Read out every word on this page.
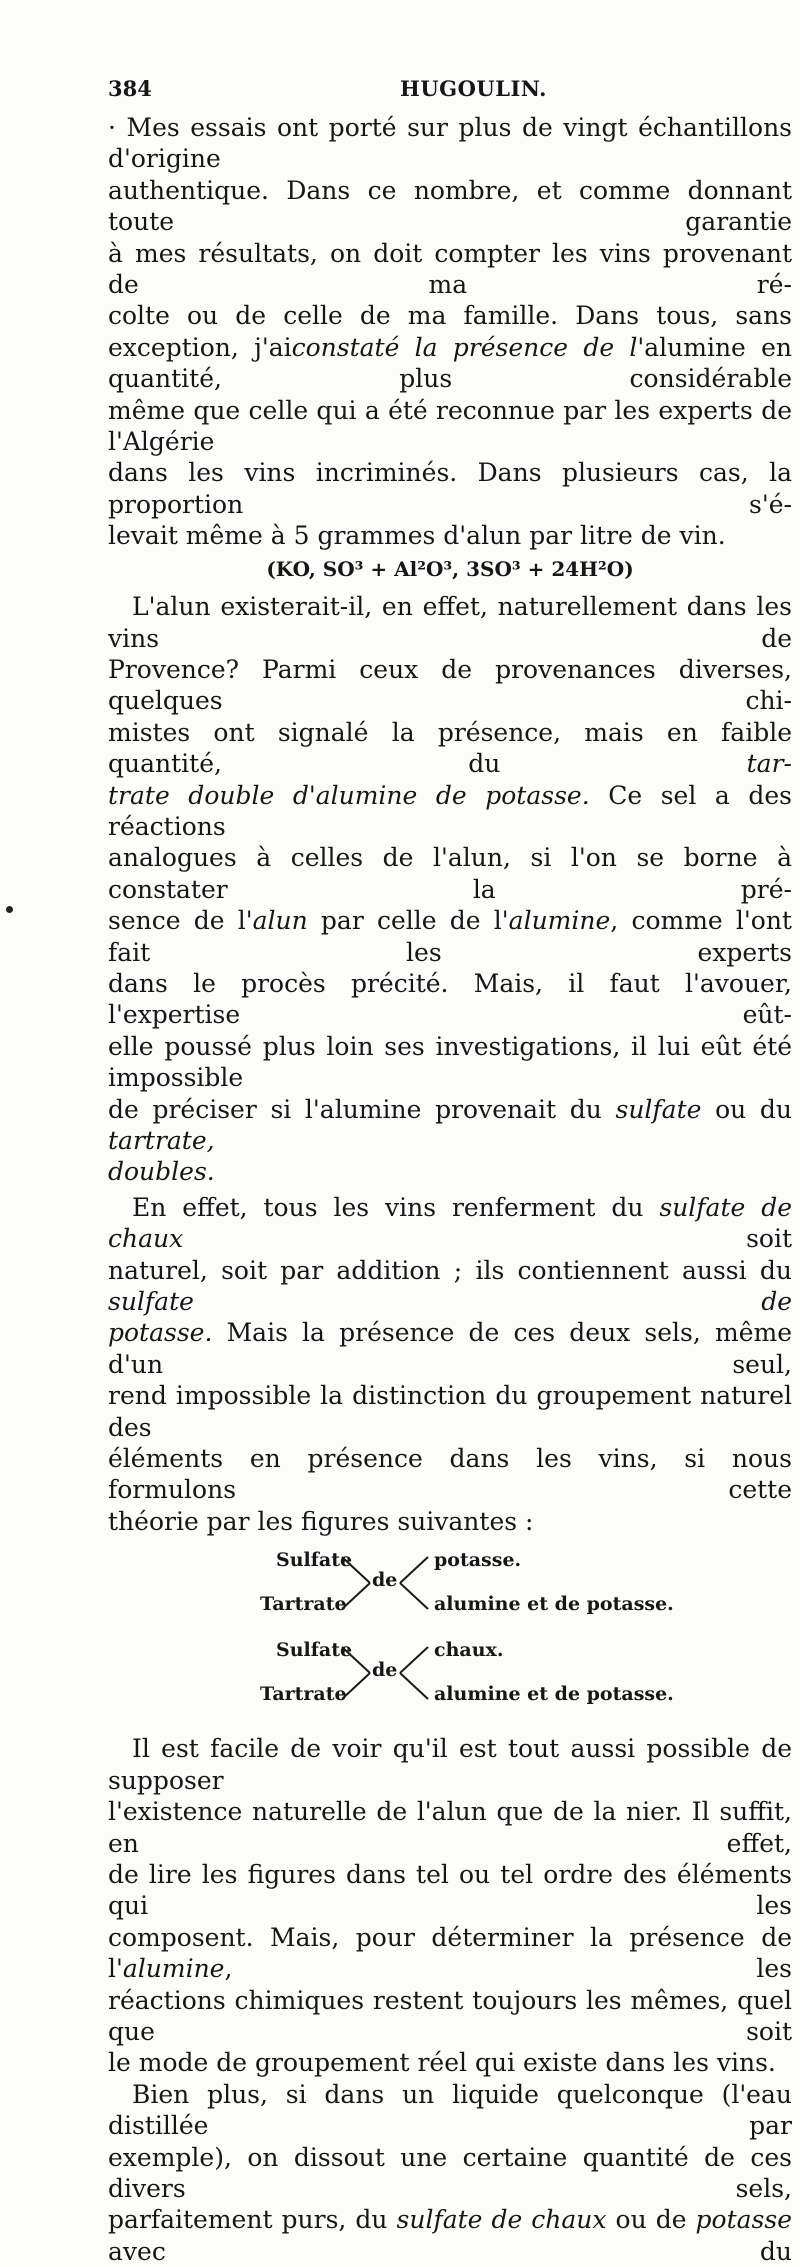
384	HUGOULIN.
· Mes essais ont porté sur plus de vingt échantillons d'origine
authentique. Dans ce nombre, et comme donnant toute garantie
à mes résultats, on doit compter les vins provenant de ma ré-
colte ou de celle de ma famille. Dans tous, sans exception, j'aiconstaté la présence de l'alumine en quantité, plus considérable
même que celle qui a été reconnue par les experts de l'Algérie
dans les vins incriminés. Dans plusieurs cas, la proportion s'é-
levait même à 5 grammes d'alun par litre de vin.
(KO, SO³ + Al²O³, 3SO³ + 24H²O)
L'alun existerait-il, en effet, naturellement dans les vins de
Provence? Parmi ceux de provenances diverses, quelques chi-
mistes ont signalé la présence, mais en faible quantité, du tar-
trate double d'alumine de potasse. Ce sel a des réactions
analogues à celles de l'alun, si l'on se borne à constater la pré-
sence de l'alun par celle de l'alumine, comme l'ont fait les experts
dans le procès précité. Mais, il faut l'avouer, l'expertise eût-
elle poussé plus loin ses investigations, il lui eût été impossible
de préciser si l'alumine provenait du sulfate ou du tartrate,
doubles.
En effet, tous les vins renferment du sulfate de chaux soit
naturel, soit par addition ; ils contiennent aussi du sulfate de
potasse. Mais la présence de ces deux sels, même d'un seul,
rend impossible la distinction du groupement naturel des
éléments en présence dans les vins, si nous formulons cette
théorie par les figures suivantes :
Sulfate
Tartrate
de
potasse.
alumine et de potasse.
Sulfate
Tartrate
de
chaux.
alumine et de potasse.
Il est facile de voir qu'il est tout aussi possible de supposer
l'existence naturelle de l'alun que de la nier. Il suffit, en effet,
de lire les figures dans tel ou tel ordre des éléments qui les
composent. Mais, pour déterminer la présence de l'alumine, les
réactions chimiques restent toujours les mêmes, quel que soit
le mode de groupement réel qui existe dans les vins.
Bien plus, si dans un liquide quelconque (l'eau distillée par
exemple), on dissout une certaine quantité de ces divers sels,
parfaitement purs, du sulfate de chaux ou de potasse avec du
